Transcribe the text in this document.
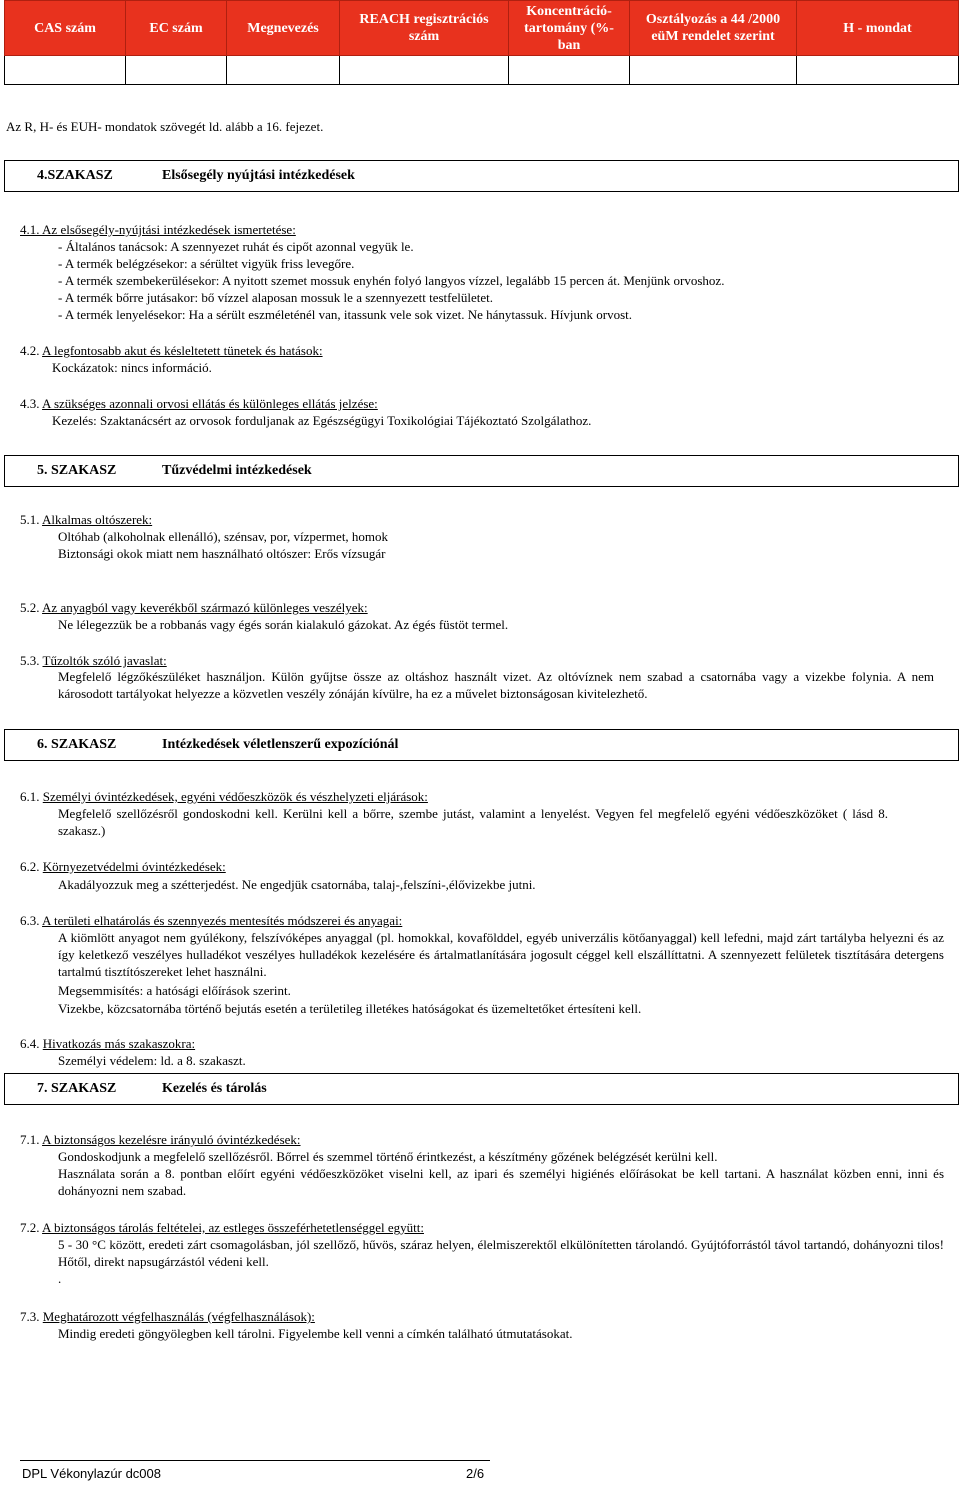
CAS szám	EC szám	Megnevezés	REACH regisztrációs szám	Koncentráció-tartomány (%-ban	Osztályozás a 44 /2000 eüM rendelet szerint	H - mondat

Az R, H- és EUH- mondatok szövegét ld. alább a 16. fejezet.
4.SZAKASZ	Elsősegély nyújtási intézkedések
4.1. Az elsősegély-nyújtási intézkedések ismertetése:
- Általános tanácsok: A szennyezet ruhát és cipőt azonnal vegyük le.
- A termék belégzésekor: a sérültet vigyük friss levegőre.
- A termék szembekerülésekor: A nyitott szemet mossuk enyhén folyó langyos vízzel, legalább 15 percen át. Menjünk orvoshoz.
- A termék bőrre jutásakor: bő vízzel alaposan mossuk le a szennyezett testfelületet.
- A termék lenyelésekor: Ha a sérült eszméleténél van, itassunk vele sok vizet. Ne hánytassuk. Hívjunk orvost.
4.2. A legfontosabb akut és késleltetett tünetek és hatások:
Kockázatok: nincs információ.
4.3. A szükséges azonnali orvosi ellátás és különleges ellátás jelzése:
Kezelés: Szaktanácsért az orvosok forduljanak az Egészségügyi Toxikológiai Tájékoztató Szolgálathoz.
5. SZAKASZ	Tűzvédelmi intézkedések
5.1. Alkalmas oltószerek:
Oltóhab (alkoholnak ellenálló), szénsav, por, vízpermet, homok
Biztonsági okok miatt nem használható oltószer: Erős vízsugár
5.2. Az anyagból vagy keverékből származó különleges veszélyek:
Ne lélegezzük be a robbanás vagy égés során kialakuló gázokat. Az égés füstöt termel.
5.3. Tűzoltók szóló javaslat:
Megfelelő légzőkészüléket használjon. Külön gyűjtse össze az oltáshoz használt vizet. Az oltóvíznek nem szabad a csatornába vagy a vizekbe folynia. A nem károsodott tartályokat helyezze a közvetlen veszély zónáján kívülre, ha ez a művelet biztonságosan kivitelezhető.
6. SZAKASZ	Intézkedések véletlenszerű expozíciónál
6.1. Személyi óvintézkedések, egyéni védőeszközök és vészhelyzeti eljárások:
Megfelelő szellőzésről gondoskodni kell. Kerülni kell a bőrre, szembe jutást, valamint a lenyelést. Vegyen fel megfelelő egyéni védőeszközöket ( lásd 8. szakasz.)
6.2. Környezetvédelmi óvintézkedések:
Akadályozzuk meg a szétterjedést. Ne engedjük csatornába, talaj-,felszíni-,élővizekbe jutni.
6.3. A területi elhatárolás és szennyezés mentesítés módszerei és anyagai:
A kiömlött anyagot nem gyúlékony, felszívóképes anyaggal (pl. homokkal, kovafölddel, egyéb univerzális kötőanyaggal) kell lefedni, majd zárt tartályba helyezni és az így keletkező veszélyes hulladékot veszélyes hulladékok kezelésére és ártalmatlanítására jogosult céggel kell elszállíttatni. A szennyezett felületek tisztítására detergens tartalmú tisztítószereket lehet használni.
Megsemmisítés: a hatósági előírások szerint.
Vizekbe, közcsatornába történő bejutás esetén a területileg illetékes hatóságokat és üzemeltetőket értesíteni kell.
6.4. Hivatkozás más szakaszokra:
Személyi védelem: ld. a 8. szakaszt.
7. SZAKASZ	Kezelés és tárolás
7.1. A biztonságos kezelésre irányuló óvintézkedések:
Gondoskodjunk a megfelelő szellőzésről. Bőrrel és szemmel történő érintkezést, a készítmény gőzének belégzését kerülni kell.
Használata során a 8. pontban előírt egyéni védőeszközöket viselni kell, az ipari és személyi higiénés előírásokat be kell tartani. A használat közben enni, inni és dohányozni nem szabad.
7.2. A biztonságos tárolás feltételei, az estleges összeférhetetlenséggel együtt:
5 - 30 °C között, eredeti zárt csomagolásban, jól szellőző, hűvös, száraz helyen, élelmiszerektől elkülönítetten tárolandó. Gyújtóforrástól távol tartandó, dohányozni tilos! Hőtől, direkt napsugárzástól védeni kell.
.
7.3. Meghatározott végfelhasználás (végfelhasználások):
Mindig eredeti göngyölegben kell tárolni. Figyelembe kell venni a címkén található útmutatásokat.
DPL Vékonylazúr dc008	2/6
